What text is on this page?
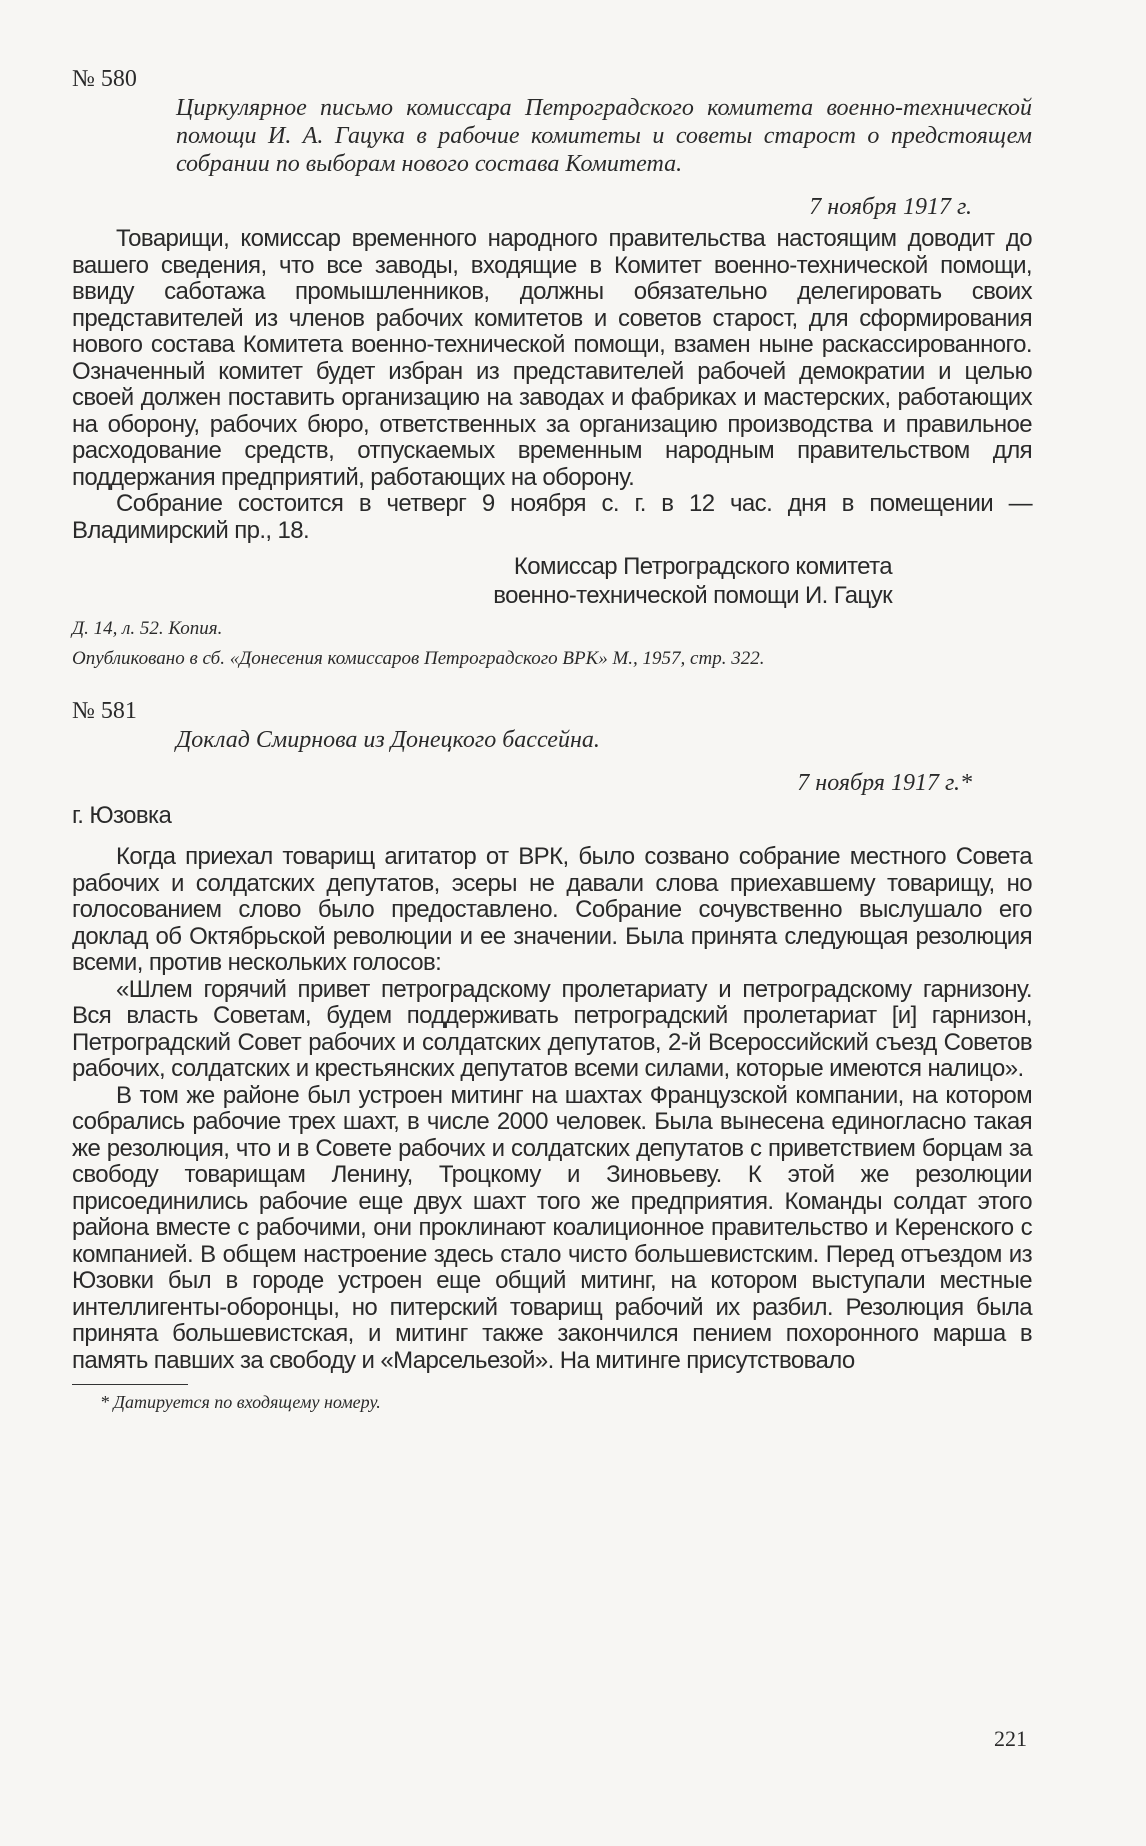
№ 580

Циркулярное письмо комиссара Петроградского комитета военно-технической помощи И. А. Гацука в рабочие комитеты и советы старост о предстоящем собрании по выборам нового состава Комитета.

7 ноября 1917 г.

Товарищи, комиссар временного народного правительства настоящим доводит до вашего сведения, что все заводы, входящие в Комитет военно-технической помощи, ввиду саботажа промышленников, должны обязательно делегировать своих представителей из членов рабочих комитетов и советов старост, для сформирования нового состава Комитета военно-технической помощи, взамен ныне раскассированного. Означенный комитет будет избран из представителей рабочей демократии и целью своей должен поставить организацию на заводах и фабриках и мастерских, работающих на оборону, рабочих бюро, ответственных за организацию производства и правильное расходование средств, отпускаемых временным народным правительством для поддержания предприятий, работающих на оборону.

Собрание состоится в четверг 9 ноября с. г. в 12 час. дня в помещении — Владимирский пр., 18.

Комиссар Петроградского комитета
военно-технической помощи И. Гацук

Д. 14, л. 52. Копия.

Опубликовано в сб. «Донесения комиссаров Петроградского ВРК» М., 1957, стр. 322.

№ 581

Доклад Смирнова из Донецкого бассейна.

7 ноября 1917 г.*

г. Юзовка

Когда приехал товарищ агитатор от ВРК, было созвано собрание местного Совета рабочих и солдатских депутатов, эсеры не давали слова приехавшему товарищу, но голосованием слово было предоставлено. Собрание сочувственно выслушало его доклад об Октябрьской революции и ее значении. Была принята следующая резолюция всеми, против нескольких голосов:

«Шлем горячий привет петроградскому пролетариату и петроградскому гарнизону. Вся власть Советам, будем поддерживать петроградский пролетариат [и] гарнизон, Петроградский Совет рабочих и солдатских депутатов, 2-й Всероссийский съезд Советов рабочих, солдатских и крестьянских депутатов всеми силами, которые имеются налицо».

В том же районе был устроен митинг на шахтах Французской компании, на котором собрались рабочие трех шахт, в числе 2000 человек. Была вынесена единогласно такая же резолюция, что и в Совете рабочих и солдатских депутатов с приветствием борцам за свободу товарищам Ленину, Троцкому и Зиновьеву. К этой же резолюции присоединились рабочие еще двух шахт того же предприятия. Команды солдат этого района вместе с рабочими, они проклинают коалиционное правительство и Керенского с компанией. В общем настроение здесь стало чисто большевистским. Перед отъездом из Юзовки был в городе устроен еще общий митинг, на котором выступали местные интеллигенты-оборонцы, но питерский товарищ рабочий их разбил. Резолюция была принята большевистская, и митинг также закончился пением похоронного марша в память павших за свободу и «Марсельезой». На митинге присутствовало

* Датируется по входящему номеру.

221
